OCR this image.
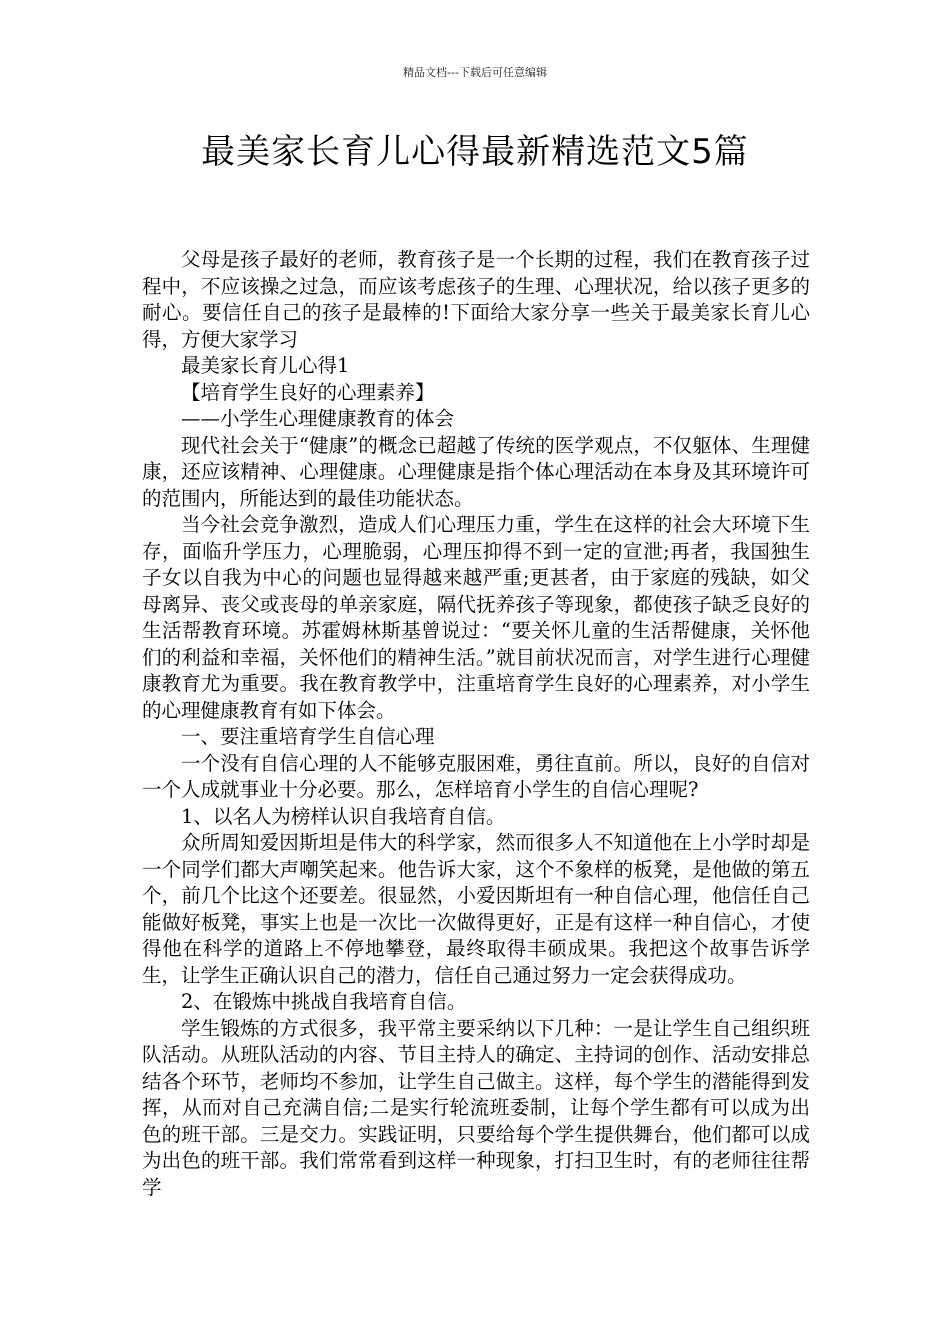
精品文档---下载后可任意编辑
最美家长育儿心得最新精选范文5篇

父母是孩子最好的老师，教育孩子是一个长期的过程，我们在教育孩子过程中，不应该操之过急，而应该考虑孩子的生理、心理状况，给以孩子更多的耐心。要信任自己的孩子是最棒的!下面给大家分享一些关于最美家长育儿心得，方便大家学习

最美家长育儿心得1

【培育学生良好的心理素养】

——小学生心理健康教育的体会

现代社会关于“健康”的概念已超越了传统的医学观点，不仅躯体、生理健康，还应该精神、心理健康。心理健康是指个体心理活动在本身及其环境许可的范围内，所能达到的最佳功能状态。

当今社会竞争激烈，造成人们心理压力重，学生在这样的社会大环境下生存，面临升学压力，心理脆弱，心理压抑得不到一定的宣泄;再者，我国独生子女以自我为中心的问题也显得越来越严重;更甚者，由于家庭的残缺，如父母离异、丧父或丧母的单亲家庭，隔代抚养孩子等现象，都使孩子缺乏良好的生活帮教育环境。苏霍姆林斯基曾说过：“要关怀儿童的生活帮健康，关怀他们的利益和幸福，关怀他们的精神生活。”就目前状况而言，对学生进行心理健康教育尤为重要。我在教育教学中，注重培育学生良好的心理素养，对小学生的心理健康教育有如下体会。

一、要注重培育学生自信心理

一个没有自信心理的人不能够克服困难，勇往直前。所以，良好的自信对一个人成就事业十分必要。那么，怎样培育小学生的自信心理呢?

1、以名人为榜样认识自我培育自信。

众所周知爱因斯坦是伟大的科学家，然而很多人不知道他在上小学时却是一个同学们都大声嘲笑起来。他告诉大家，这个不象样的板凳，是他做的第五个，前几个比这个还要差。很显然，小爱因斯坦有一种自信心理，他信任自己能做好板凳，事实上也是一次比一次做得更好，正是有这样一种自信心，才使得他在科学的道路上不停地攀登，最终取得丰硕成果。我把这个故事告诉学生，让学生正确认识自己的潜力，信任自己通过努力一定会获得成功。

2、在锻炼中挑战自我培育自信。

学生锻炼的方式很多，我平常主要采纳以下几种：一是让学生自己组织班队活动。从班队活动的内容、节目主持人的确定、主持词的创作、活动安排总结各个环节，老师均不参加，让学生自己做主。这样，每个学生的潜能得到发挥，从而对自己充满自信;二是实行轮流班委制，让每个学生都有可以成为出色的班干部。三是交力。实践证明，只要给每个学生提供舞台，他们都可以成为出色的班干部。我们常常看到这样一种现象，打扫卫生时，有的老师往往帮学
